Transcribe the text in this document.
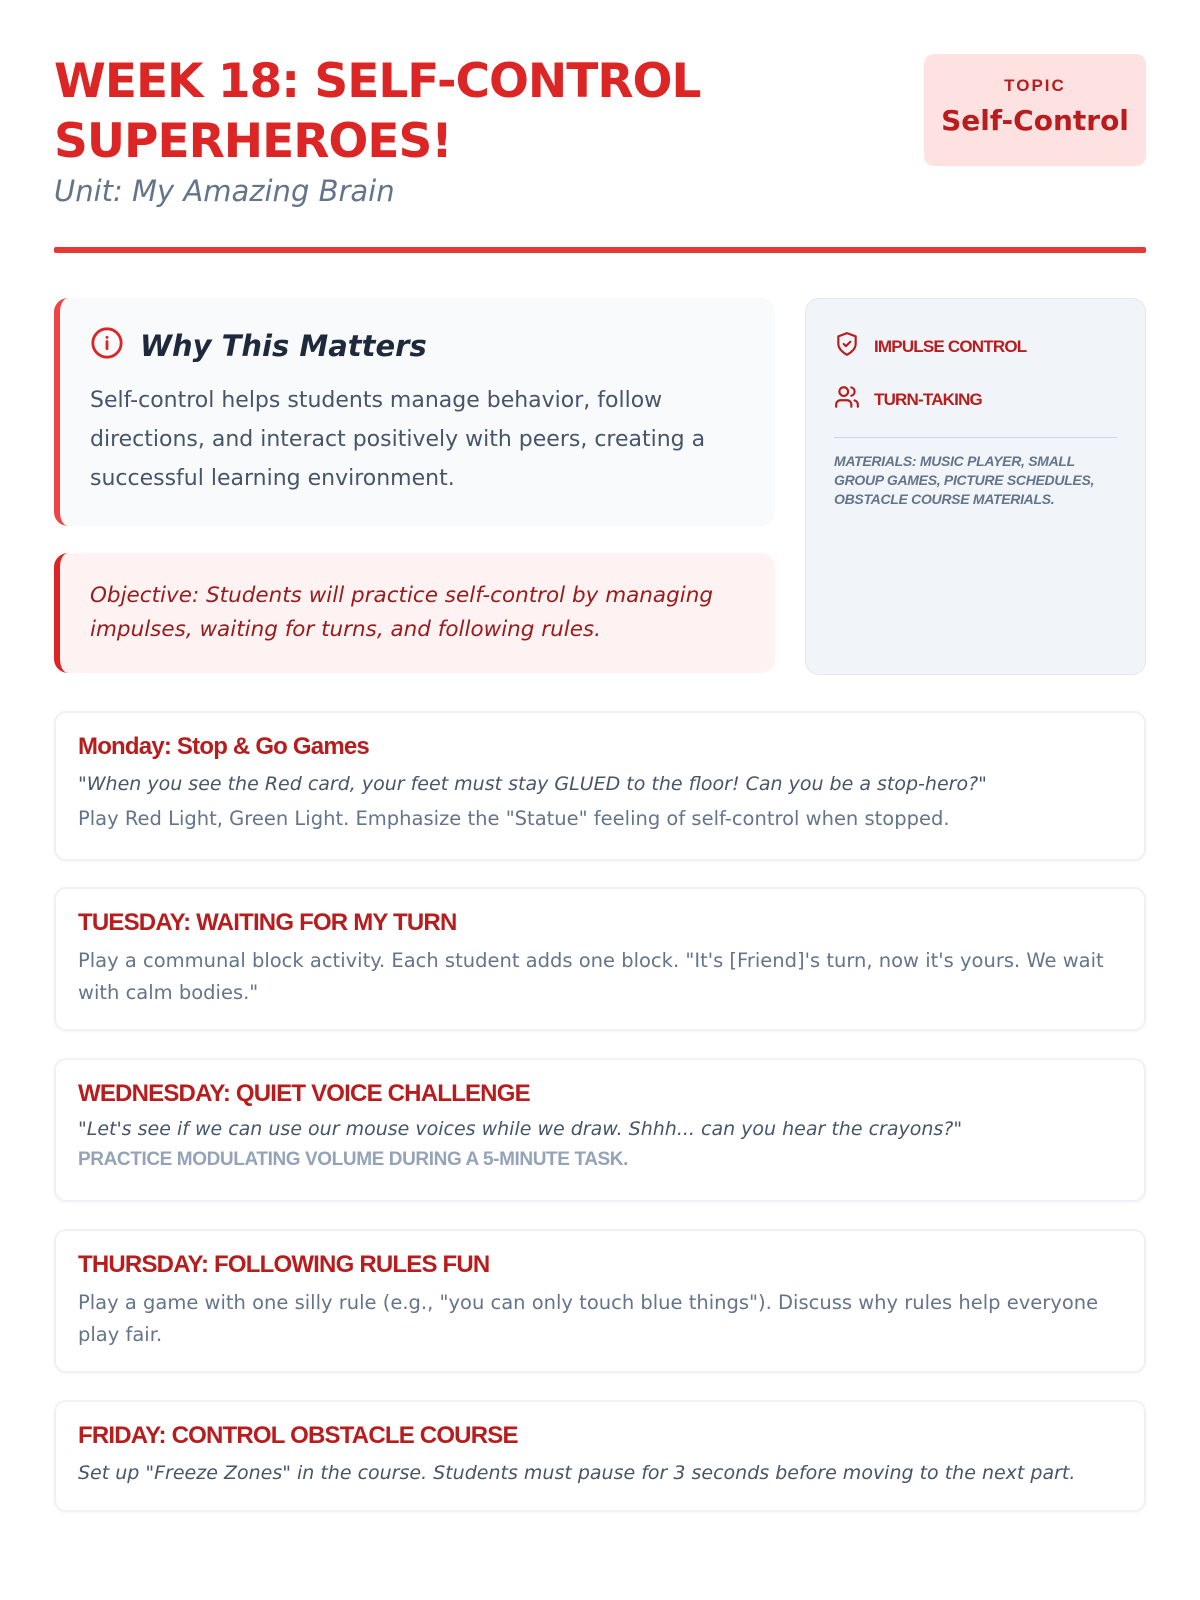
WEEK 18: SELF-CONTROL SUPERHEROES!
Unit: My Amazing Brain
TOPIC
Self-Control
Why This Matters

Self-control helps students manage behavior, follow directions, and interact positively with peers, creating a successful learning environment.

Objective: Students will practice self-control by managing impulses, waiting for turns, and following rules.
IMPULSE CONTROL
TURN-TAKING

MATERIALS: MUSIC PLAYER, SMALL GROUP GAMES, PICTURE SCHEDULES, OBSTACLE COURSE MATERIALS.

Monday: Stop & Go Games
"When you see the Red card, your feet must stay GLUED to the floor! Can you be a stop-hero?"
Play Red Light, Green Light. Emphasize the "Statue" feeling of self-control when stopped.
TUESDAY: WAITING FOR MY TURN
Play a communal block activity. Each student adds one block. "It's [Friend]'s turn, now it's yours. We wait with calm bodies."
WEDNESDAY: QUIET VOICE CHALLENGE
"Let's see if we can use our mouse voices while we draw. Shhh... can you hear the crayons?"
PRACTICE MODULATING VOLUME DURING A 5-MINUTE TASK.
THURSDAY: FOLLOWING RULES FUN
Play a game with one silly rule (e.g., "you can only touch blue things"). Discuss why rules help everyone play fair.
FRIDAY: CONTROL OBSTACLE COURSE
Set up "Freeze Zones" in the course. Students must pause for 3 seconds before moving to the next part.
